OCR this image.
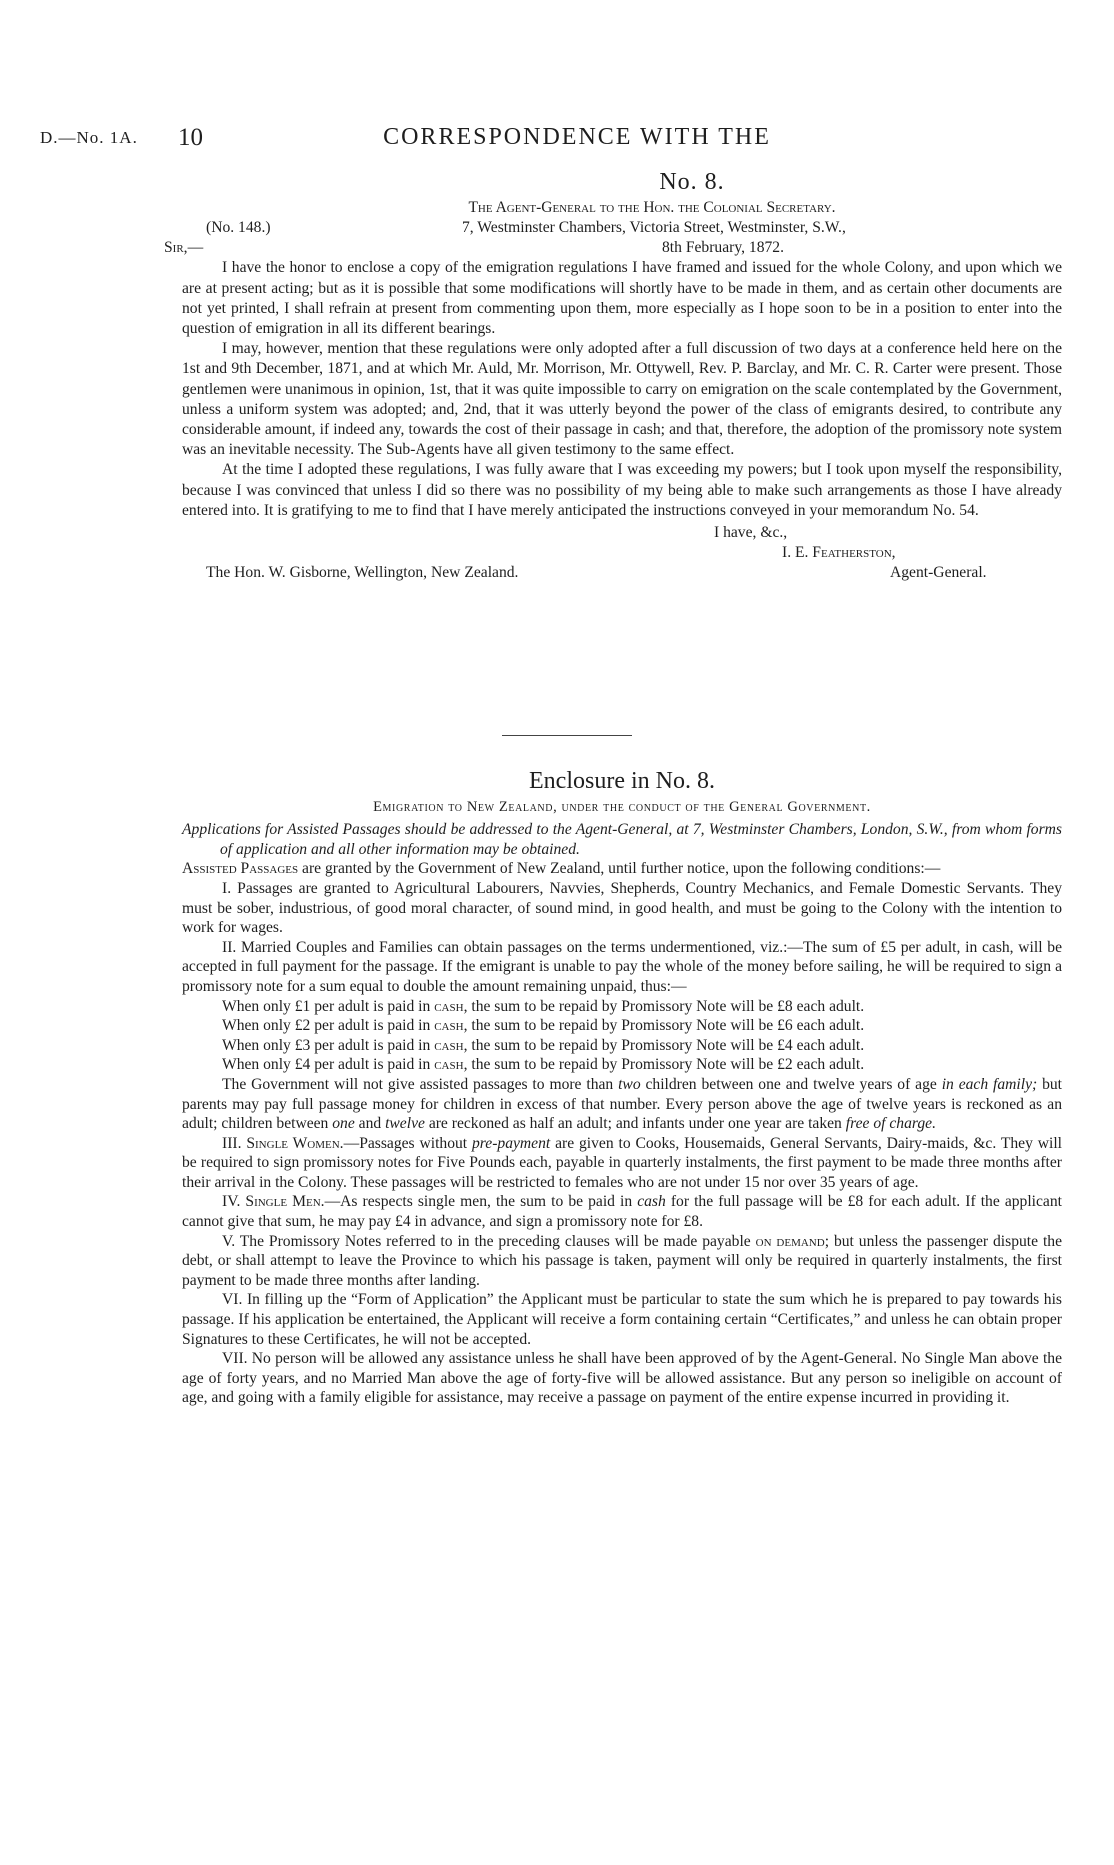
D.—No. 1A. 10	CORRESPONDENCE WITH THE
No. 8.
The Agent-General to the Hon. the Colonial Secretary.
(No. 148.)	7, Westminster Chambers, Victoria Street, Westminster, S.W.,
Sir,—	8th February, 1872.

I have the honor to enclose a copy of the emigration regulations I have framed and issued for the whole Colony, and upon which we are at present acting; but as it is possible that some modifications will shortly have to be made in them, and as certain other documents are not yet printed, I shall refrain at present from commenting upon them, more especially as I hope soon to be in a position to enter into the question of emigration in all its different bearings.

I may, however, mention that these regulations were only adopted after a full discussion of two days at a conference held here on the 1st and 9th December, 1871, and at which Mr. Auld, Mr. Morrison, Mr. Ottywell, Rev. P. Barclay, and Mr. C. R. Carter were present. Those gentlemen were unanimous in opinion, 1st, that it was quite impossible to carry on emigration on the scale contemplated by the Government, unless a uniform system was adopted; and, 2nd, that it was utterly beyond the power of the class of emigrants desired, to contribute any considerable amount, if indeed any, towards the cost of their passage in cash; and that, therefore, the adoption of the promissory note system was an inevitable necessity. The Sub-Agents have all given testimony to the same effect.

At the time I adopted these regulations, I was fully aware that I was exceeding my powers; but I took upon myself the responsibility, because I was convinced that unless I did so there was no possibility of my being able to make such arrangements as those I have already entered into. It is gratifying to me to find that I have merely anticipated the instructions conveyed in your memorandum No. 54.

I have, &c.,
I. E. Featherston,
The Hon. W. Gisborne, Wellington, New Zealand.	Agent-General.
Enclosure in No. 8.
Emigration to New Zealand, under the conduct of the General Government.

Applications for Assisted Passages should be addressed to the Agent-General, at 7, Westminster Chambers, London, S.W., from whom forms of application and all other information may be obtained.

Assisted Passages are granted by the Government of New Zealand, until further notice, upon the following conditions:—

I. Passages are granted to Agricultural Labourers, Navvies, Shepherds, Country Mechanics, and Female Domestic Servants. They must be sober, industrious, of good moral character, of sound mind, in good health, and must be going to the Colony with the intention to work for wages.

II. Married Couples and Families can obtain passages on the terms undermentioned, viz.:—The sum of £5 per adult, in cash, will be accepted in full payment for the passage. If the emigrant is unable to pay the whole of the money before sailing, he will be required to sign a promissory note for a sum equal to double the amount remaining unpaid, thus:—

When only £1 per adult is paid in cash, the sum to be repaid by Promissory Note will be £8 each adult.

When only £2 per adult is paid in cash, the sum to be repaid by Promissory Note will be £6 each adult.

When only £3 per adult is paid in cash, the sum to be repaid by Promissory Note will be £4 each adult.

When only £4 per adult is paid in cash, the sum to be repaid by Promissory Note will be £2 each adult.

The Government will not give assisted passages to more than two children between one and twelve years of age in each family; but parents may pay full passage money for children in excess of that number. Every person above the age of twelve years is reckoned as an adult; children between one and twelve are reckoned as half an adult; and infants under one year are taken free of charge.

III. Single Women.—Passages without pre-payment are given to Cooks, Housemaids, General Servants, Dairy-maids, &c. They will be required to sign promissory notes for Five Pounds each, payable in quarterly instalments, the first payment to be made three months after their arrival in the Colony. These passages will be restricted to females who are not under 15 nor over 35 years of age.

IV. Single Men.—As respects single men, the sum to be paid in cash for the full passage will be £8 for each adult. If the applicant cannot give that sum, he may pay £4 in advance, and sign a promissory note for £8.

V. The Promissory Notes referred to in the preceding clauses will be made payable on demand; but unless the passenger dispute the debt, or shall attempt to leave the Province to which his passage is taken, payment will only be required in quarterly instalments, the first payment to be made three months after landing.

VI. In filling up the “Form of Application” the Applicant must be particular to state the sum which he is prepared to pay towards his passage. If his application be entertained, the Applicant will receive a form containing certain “Certificates,” and unless he can obtain proper Signatures to these Certificates, he will not be accepted.

VII. No person will be allowed any assistance unless he shall have been approved of by the Agent-General. No Single Man above the age of forty years, and no Married Man above the age of forty-five will be allowed assistance. But any person so ineligible on account of age, and going with a family eligible for assistance, may receive a passage on payment of the entire expense incurred in providing it.
